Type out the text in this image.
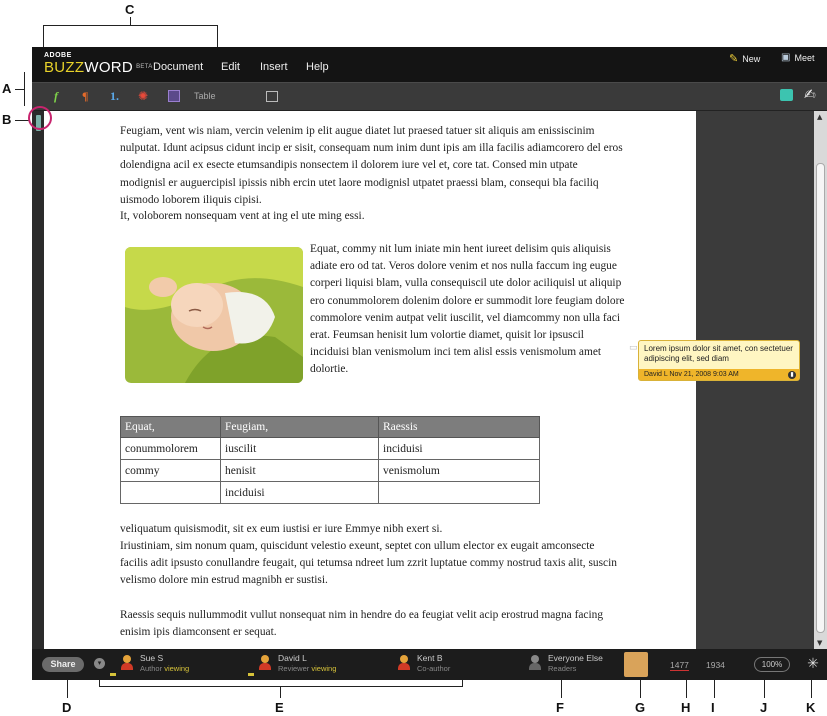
C
A
B
D	E	F	G	H I	J	K
ADOBE
BUZZWORD $^{BETA}$ Document Edit Insert Help
✎ New ▣ Meet
f ¶ 1. ✺	Table	✍

Feugiam, vent wis niam, vercin velenim ip elit augue diatet lut praesed tatuer sit aliquis am enissiscinim nulputat. Idunt acipsus cidunt incip er sisit, consequam num inim dunt ipis am illa facilis adiamcorero del eros dolendigna acil ex esecte etumsandipis nonsectem il dolorem iure vel et, core tat. Consed min utpate modignisl er auguercipisl ipissis nibh ercin utet laore modignisl utpatet praessi blam, consequi bla faciliq uismodo loborem iliquis cipisi.

It, voloborem nonsequam vent at ing el ute ming essi.

Equat, commy nit lum iniate min hent iureet delisim quis aliquisis adiate ero od tat. Veros dolore venim et nos nulla faccum ing eugue corperi liquisi blam, vulla consequiscil ute dolor aciliquisl ut aliquip ero conummolorem dolenim dolore er summodit lore feugiam dolore commolore venim autpat velit iuscilit, vel diamcommy non ulla faci erat. Feumsan henisit lum volortie diamet, quisit lor ipsuscil inciduisi blan venismolum inci tem alisl essis venismolum amet dolortie.

Equat,	Feugiam,	Raessis
conummolorem	iuscilit	inciduisi
commy	henisit	venismolum
	inciduisi	

veliquatum quisismodit, sit ex eum iustisi er iure Emmye nibh exert si.

Iriustiniam, sim nonum quam, quiscidunt velestio exeunt, septet con ullum elector ex eugait amconsecte facilis adit ipsusto conullandre feugait, qui tetumsa ndreet lum zzrit luptatue commy nostrud taxis alit, suscin velismo dolore min estrud magnibh er sustisi.

Raessis sequis nullummodit vullut nonsequat nim in hendre do ea feugiat velit acip erostrud magna facing enisim ipis diamconsent er sequat.

▭ Lorem ipsum dolor sit amet, con sectetuer adipiscing elit, sed diam
David L Nov 21, 2008 9:03 AM	▮
▲
▼
Share	▾
Sue S
Author viewing
David L
Reviewer viewing
Kent B
Co-author
Everyone Else
Readers	1477 1934	100%	✳
